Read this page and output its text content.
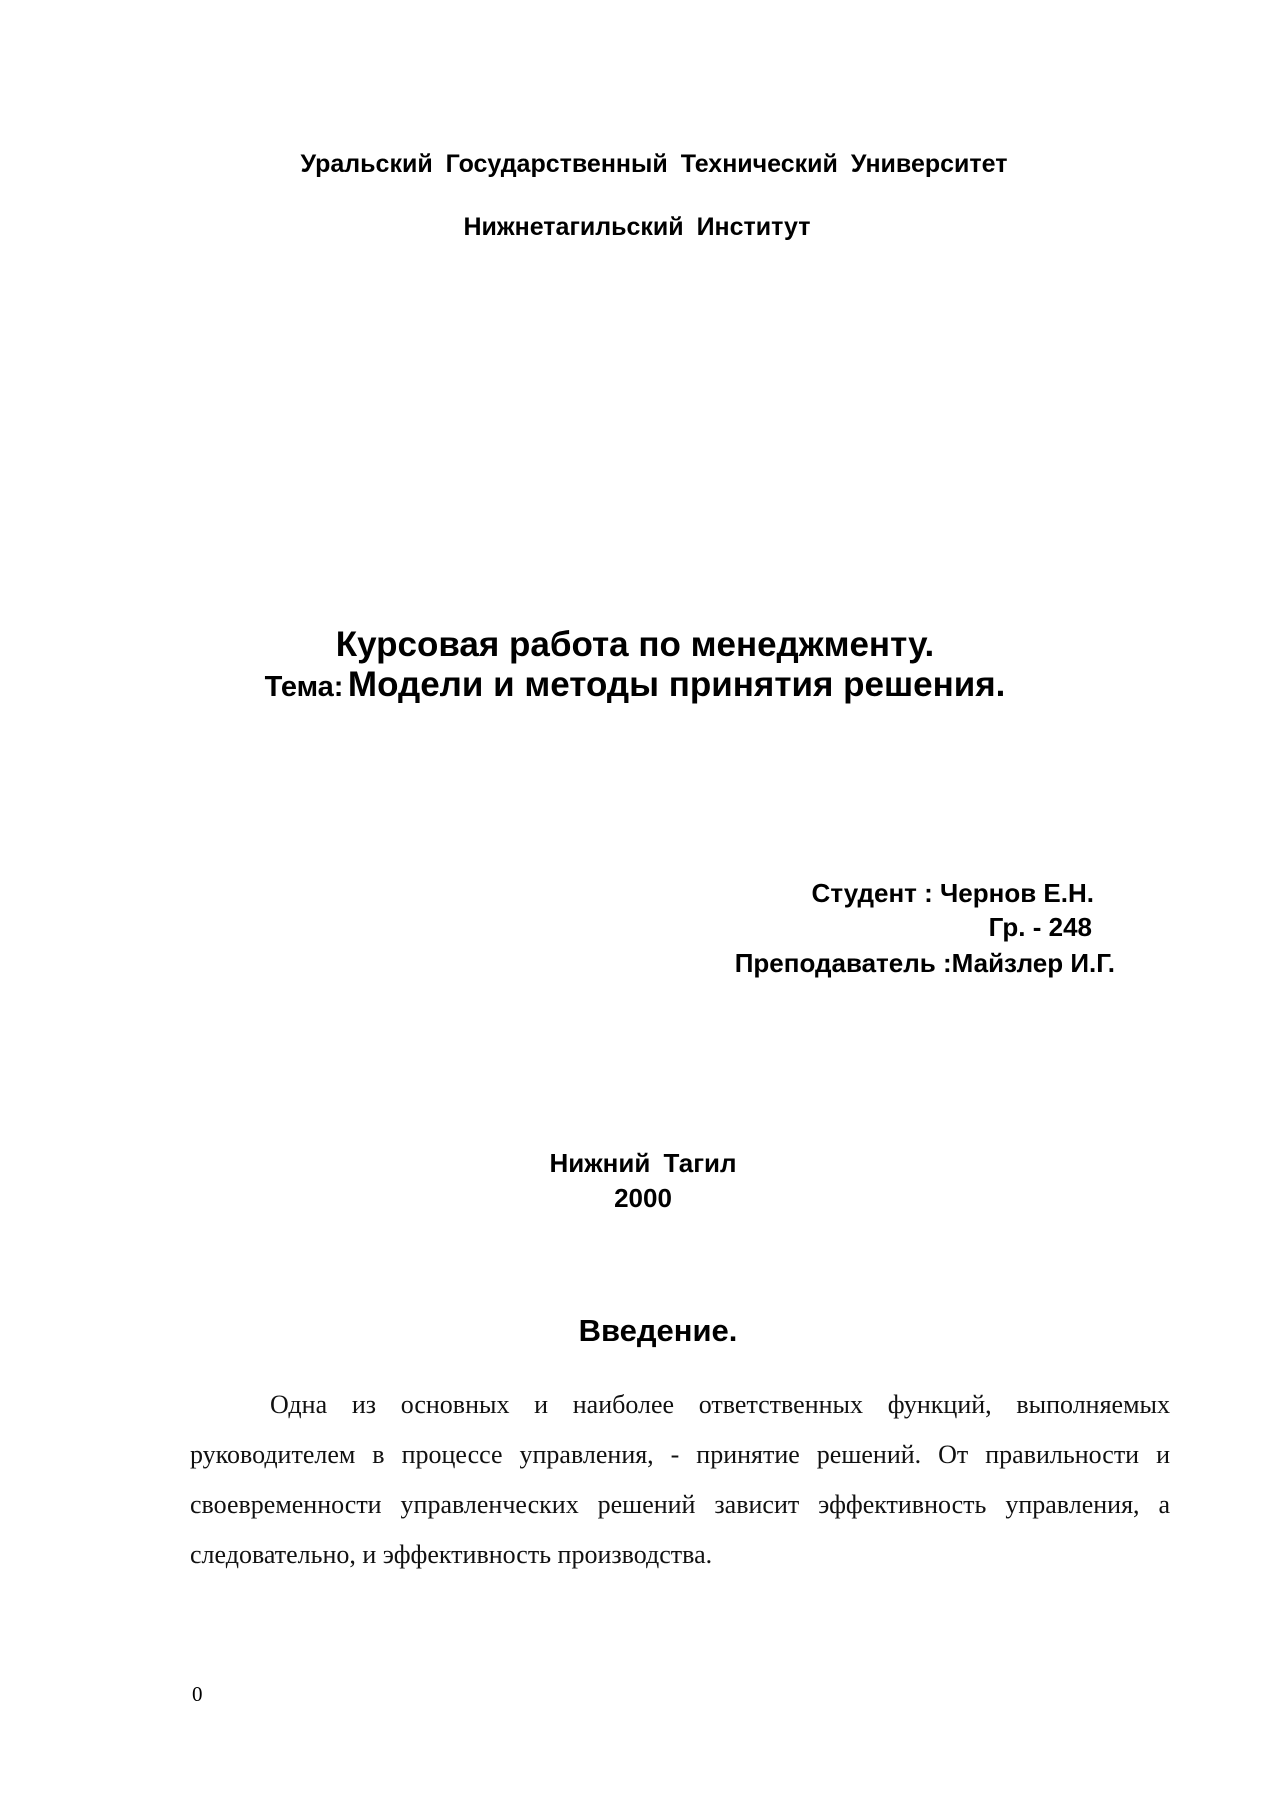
Уральский Государственный Технический Университет
Нижнетагильский Институт
Курсовая работа по менеджменту.
Тема: Модели и методы принятия решения.
Студент : Чернов Е.Н.
Гр. - 248
Преподаватель :Майзлер И.Г.
Нижний Тагил
2000
Введение.
Одна из основных и наиболее ответственных функций, выполняемых руководителем в процессе управления, - принятие решений. От правильности и своевременности управленческих решений зависит эффективность управления, а следовательно, и эффективность производства.
0
